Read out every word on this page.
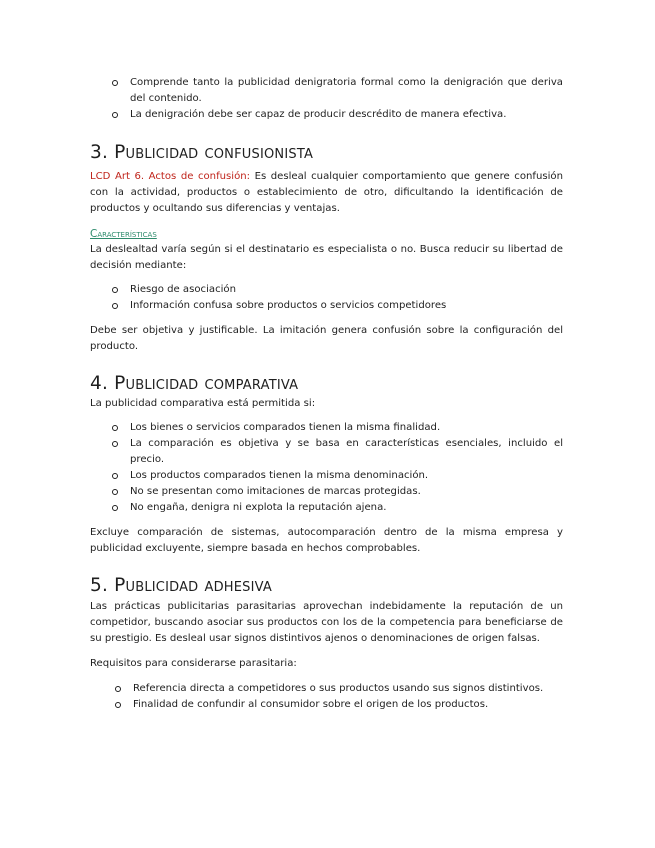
Comprende tanto la publicidad denigratoria formal como la denigración que deriva del contenido.
La denigración debe ser capaz de producir descrédito de manera efectiva.
3. Publicidad confusionista

LCD Art 6. Actos de confusión: Es desleal cualquier comportamiento que genere confusión con la actividad, productos o establecimiento de otro, dificultando la identificación de productos y ocultando sus diferencias y ventajas.

Características

La deslealtad varía según si el destinatario es especialista o no. Busca reducir su libertad de decisión mediante:

Riesgo de asociación
Información confusa sobre productos o servicios competidores

Debe ser objetiva y justificable. La imitación genera confusión sobre la configuración del producto.

4. Publicidad comparativa

La publicidad comparativa está permitida si:

Los bienes o servicios comparados tienen la misma finalidad.
La comparación es objetiva y se basa en características esenciales, incluido el precio.
Los productos comparados tienen la misma denominación.
No se presentan como imitaciones de marcas protegidas.
No engaña, denigra ni explota la reputación ajena.

Excluye comparación de sistemas, autocomparación dentro de la misma empresa y publicidad excluyente, siempre basada en hechos comprobables.

5. Publicidad adhesiva

Las prácticas publicitarias parasitarias aprovechan indebidamente la reputación de un competidor, buscando asociar sus productos con los de la competencia para beneficiarse de su prestigio. Es desleal usar signos distintivos ajenos o denominaciones de origen falsas.

Requisitos para considerarse parasitaria:

Referencia directa a competidores o sus productos usando sus signos distintivos.
Finalidad de confundir al consumidor sobre el origen de los productos.
